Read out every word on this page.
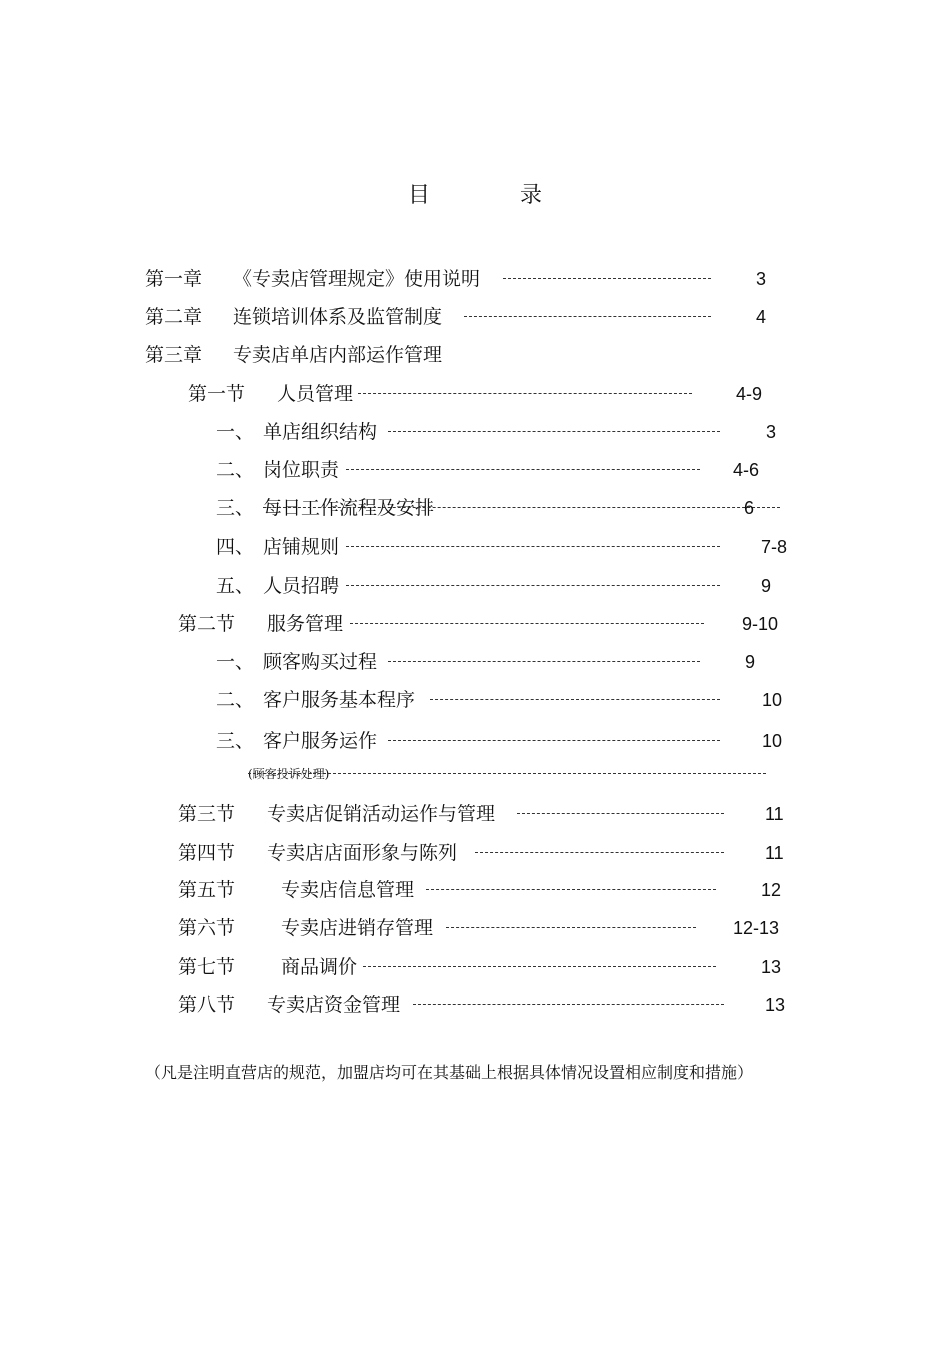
目	录
第一章 《专卖店管理规定》使用说明	3
第二章 连锁培训体系及监管制度	4
第三章 专卖店单店内部运作管理
第一节 人员管理	4-9
一、 单店组织结构	3
二、 岗位职责	4-6
三、 每日工作流程及安排	6
四、 店铺规则	7-8
五、 人员招聘	9
第二节 服务管理	9-10
一、 顾客购买过程	9
二、 客户服务基本程序	10
三、 客户服务运作	10
(顾客投诉处理)
第三节 专卖店促销活动运作与管理	11
第四节 专卖店店面形象与陈列	11
第五节 专卖店信息管理	12
第六节 专卖店进销存管理	12-13
第七节 商品调价	13
第八节 专卖店资金管理	13
（凡是注明直营店的规范，加盟店均可在其基础上根据具体情况设置相应制度和措施）
